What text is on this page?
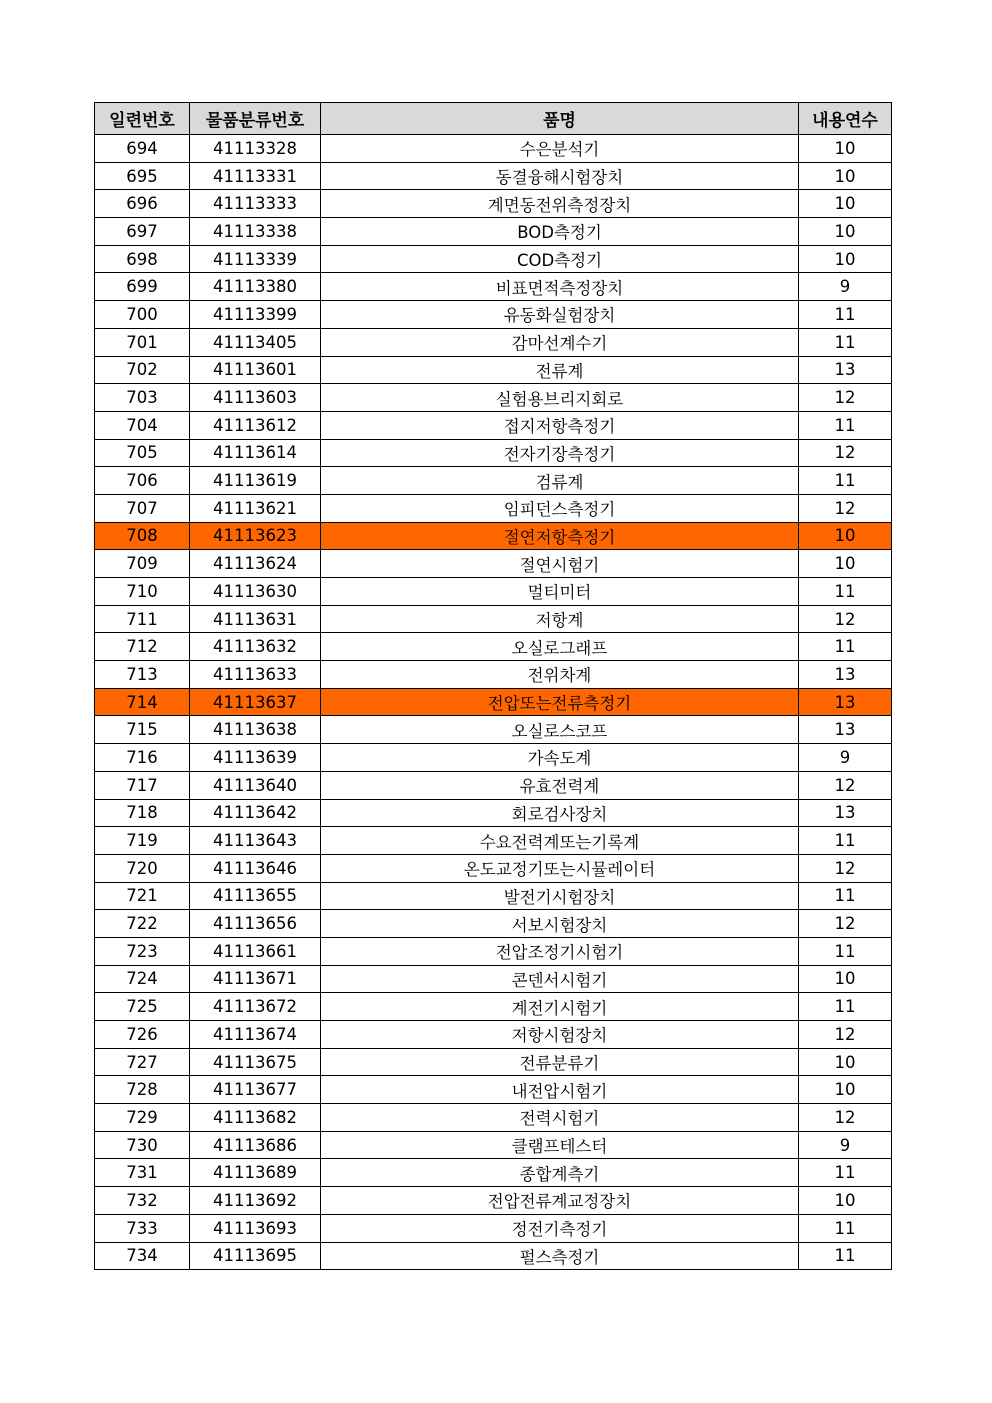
일련번호	물품분류번호	품명	내용연수
694	41113328	수은분석기	10
695	41113331	동결융해시험장치	10
696	41113333	계면동전위측정장치	10
697	41113338	BOD측정기	10
698	41113339	COD측정기	10
699	41113380	비표면적측정장치	9
700	41113399	유동화실험장치	11
701	41113405	감마선계수기	11
702	41113601	전류계	13
703	41113603	실험용브리지회로	12
704	41113612	접지저항측정기	11
705	41113614	전자기장측정기	12
706	41113619	검류계	11
707	41113621	임피던스측정기	12
708	41113623	절연저항측정기	10
709	41113624	절연시험기	10
710	41113630	멀티미터	11
711	41113631	저항계	12
712	41113632	오실로그래프	11
713	41113633	전위차계	13
714	41113637	전압또는전류측정기	13
715	41113638	오실로스코프	13
716	41113639	가속도계	9
717	41113640	유효전력계	12
718	41113642	회로검사장치	13
719	41113643	수요전력계또는기록계	11
720	41113646	온도교정기또는시뮬레이터	12
721	41113655	발전기시험장치	11
722	41113656	서보시험장치	12
723	41113661	전압조정기시험기	11
724	41113671	콘덴서시험기	10
725	41113672	계전기시험기	11
726	41113674	저항시험장치	12
727	41113675	전류분류기	10
728	41113677	내전압시험기	10
729	41113682	전력시험기	12
730	41113686	클램프테스터	9
731	41113689	종합계측기	11
732	41113692	전압전류계교정장치	10
733	41113693	정전기측정기	11
734	41113695	펄스측정기	11
